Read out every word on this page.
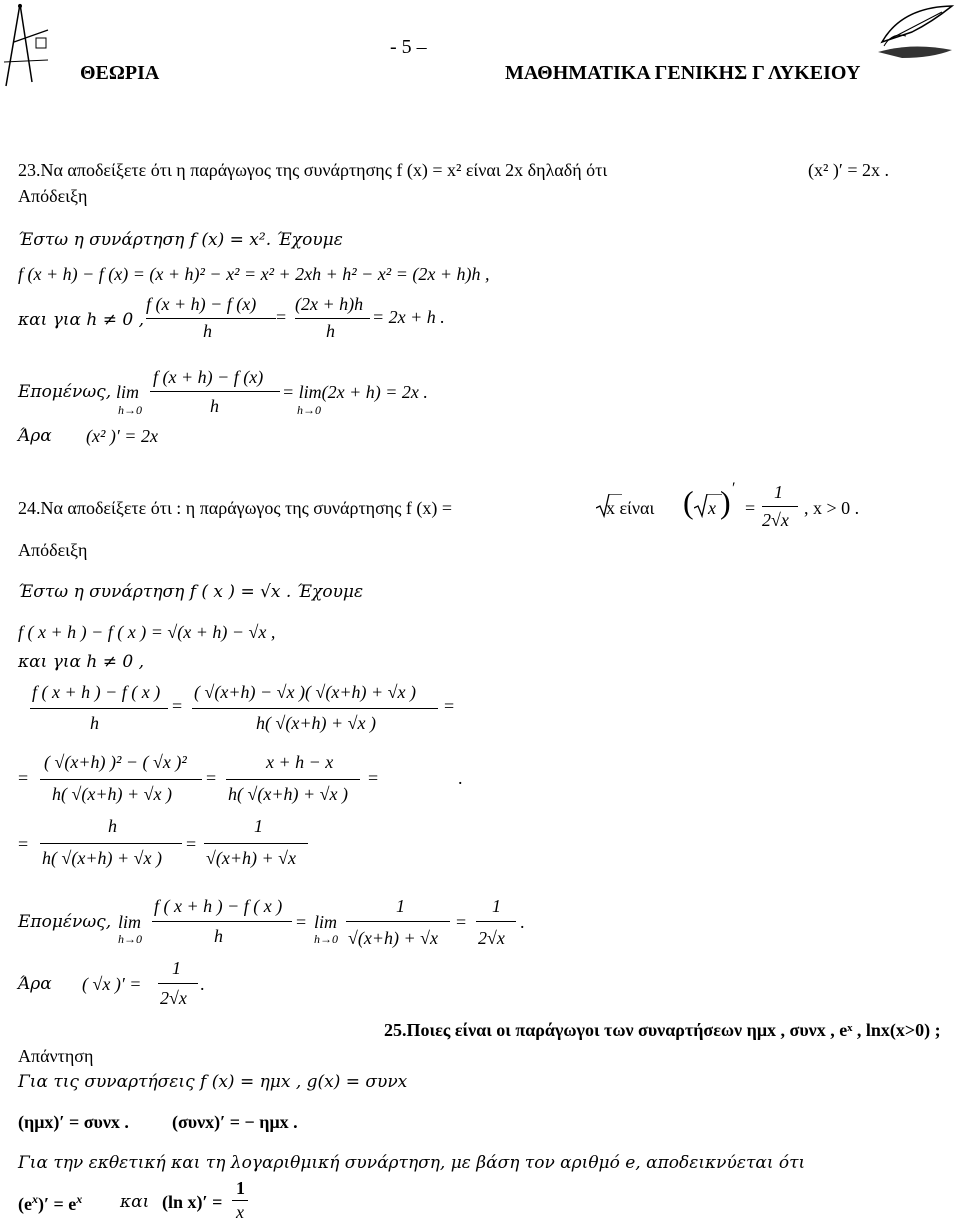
- 5 –
ΘΕΩΡΙΑ	ΜΑΘΗΜΑΤΙΚΑ ΓΕΝΙΚΗΣ Γ ΛΥΚΕΙΟΥ
23.Να αποδείξετε ότι η παράγωγος της συνάρτησης f (x) = x² είναι 2x δηλαδή ότι	(x² )′ = 2x .
Απόδειξη
Έστω η συνάρτηση f (x) = x². Έχουμε
f (x + h) − f (x) = (x + h)² − x² = x² + 2xh + h² − x² = (2x + h)h ,
και για h ≠ 0 ,
f (x + h) − f (x)
h
=
(2x + h)h
h
= 2x + h .
Επομένως, lim
h→0
f (x + h) − f (x)
h
= lim(2x + h) = 2x .
h→0
Άρα (x² )′ = 2x
24.Να αποδείξετε ότι : η παράγωγος της συνάρτησης f (x) =	x είναι ( x ) ′
=
1
2√x
, x > 0 .
Απόδειξη
Έστω η συνάρτηση f ( x ) = √x . Έχουμε
f ( x + h ) − f ( x ) = √(x + h) − √x ,
και για h ≠ 0 ,
f ( x + h ) − f ( x )
h
=
( √(x+h) − √x )( √(x+h) + √x )
h( √(x+h) + √x )
=
=
( √(x+h) )² − ( √x )²
h( √(x+h) + √x )
=
x + h − x
h( √(x+h) + √x )
=	.
=
h
h( √(x+h) + √x )
=
1
√(x+h) + √x
Επομένως, lim
h→0
f ( x + h ) − f ( x )
h
= lim
h→0
1
√(x+h) + √x
=
1
2√x
.
Άρα ( √x )′ =
1
2√x
.
25.Ποιες είναι οι παράγωγοι των συναρτήσεων ημx , συνx , eˣ , lnx(x>0) ;
Απάντηση
Για τις συναρτήσεις f (x) = ημx , g(x) = συνx
(ημx)′ = συνx . (συνx)′ = − ημx .
Για την εκθετική και τη λογαριθμική συνάρτηση, με βάση τον αριθμό e, αποδεικνύεται ότι
$(e^x)' = e^x$ και (ln x)′ =
1
x
